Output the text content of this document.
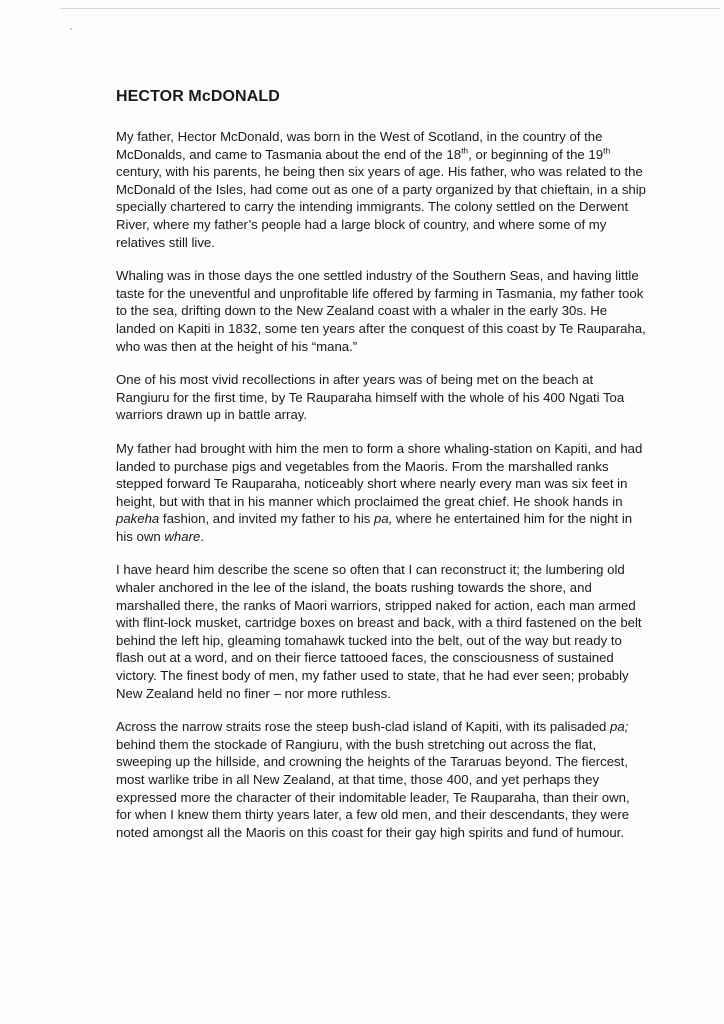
HECTOR McDONALD

My father, Hector McDonald, was born in the West of Scotland, in the country of the McDonalds, and came to Tasmania about the end of the 18th, or beginning of the 19th century, with his parents, he being then six years of age. His father, who was related to the McDonald of the Isles, had come out as one of a party organized by that chieftain, in a ship specially chartered to carry the intending immigrants. The colony settled on the Derwent River, where my father’s people had a large block of country, and where some of my relatives still live.

Whaling was in those days the one settled industry of the Southern Seas, and having little taste for the uneventful and unprofitable life offered by farming in Tasmania, my father took to the sea, drifting down to the New Zealand coast with a whaler in the early 30s. He landed on Kapiti in 1832, some ten years after the conquest of this coast by Te Rauparaha, who was then at the height of his “mana.”

One of his most vivid recollections in after years was of being met on the beach at Rangiuru for the first time, by Te Rauparaha himself with the whole of his 400 Ngati Toa warriors drawn up in battle array.

My father had brought with him the men to form a shore whaling-station on Kapiti, and had landed to purchase pigs and vegetables from the Maoris. From the marshalled ranks stepped forward Te Rauparaha, noticeably short where nearly every man was six feet in height, but with that in his manner which proclaimed the great chief. He shook hands in pakeha fashion, and invited my father to his pa, where he entertained him for the night in his own whare.

I have heard him describe the scene so often that I can reconstruct it; the lumbering old whaler anchored in the lee of the island, the boats rushing towards the shore, and marshalled there, the ranks of Maori warriors, stripped naked for action, each man armed with flint-lock musket, cartridge boxes on breast and back, with a third fastened on the belt behind the left hip, gleaming tomahawk tucked into the belt, out of the way but ready to flash out at a word, and on their fierce tattooed faces, the consciousness of sustained victory. The finest body of men, my father used to state, that he had ever seen; probably New Zealand held no finer – nor more ruthless.

Across the narrow straits rose the steep bush-clad island of Kapiti, with its palisaded pa; behind them the stockade of Rangiuru, with the bush stretching out across the flat, sweeping up the hillside, and crowning the heights of the Tararuas beyond. The fiercest, most warlike tribe in all New Zealand, at that time, those 400, and yet perhaps they expressed more the character of their indomitable leader, Te Rauparaha, than their own, for when I knew them thirty years later, a few old men, and their descendants, they were noted amongst all the Maoris on this coast for their gay high spirits and fund of humour.
